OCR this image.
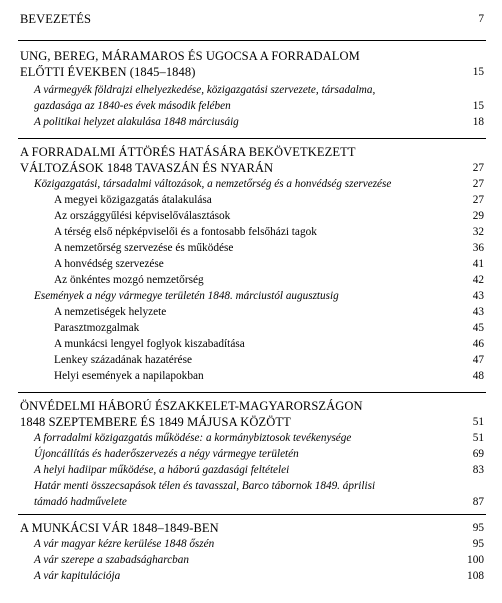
BEVEZETÉS	7
UNG, BEREG, MÁRAMAROS ÉS UGOCSA A FORRADALOM
ELŐTTI ÉVEKBEN (1845–1848)	15
A vármegyék földrajzi elhelyezkedése, közigazgatási szervezete, társadalma,
gazdasága az 1840-es évek második felében	15
A politikai helyzet alakulása 1848 márciusáig	18
A FORRADALMI ÁTTÖRÉS HATÁSÁRA BEKÖVETKEZETT
VÁLTOZÁSOK 1848 TAVASZÁN ÉS NYARÁN	27
Közigazgatási, társadalmi változások, a nemzetőrség és a honvédség szervezése	27
A megyei közigazgatás átalakulása	27
Az országgyűlési képviselőválasztások	29
A térség első népképviselői és a fontosabb felsőházi tagok	32
A nemzetőrség szervezése és működése	36
A honvédség szervezése	41
Az önkéntes mozgó nemzetőrség	42
Események a négy vármegye területén 1848. márciustól augusztusig	43
A nemzetiségek helyzete	43
Parasztmozgalmak	45
A munkácsi lengyel foglyok kiszabadítása	46
Lenkey századának hazatérése	47
Helyi események a napilapokban	48
ÖNVÉDELMI HÁBORÚ ÉSZAKKELET-MAGYARORSZÁGON
1848 SZEPTEMBERE ÉS 1849 MÁJUSA KÖZÖTT	51
A forradalmi közigazgatás működése: a kormánybiztosok tevékenysége	51
Újoncállítás és haderőszervezés a négy vármegye területén	69
A helyi hadiipar működése, a háború gazdasági feltételei	83
Határ menti összecsapások télen és tavasszal, Barco tábornok 1849. áprilisi
támadó hadművelete	87
A MUNKÁCSI VÁR 1848–1849-BEN	95
A vár magyar kézre kerülése 1848 őszén	95
A vár szerepe a szabadságharcban	100
A vár kapitulációja	108
